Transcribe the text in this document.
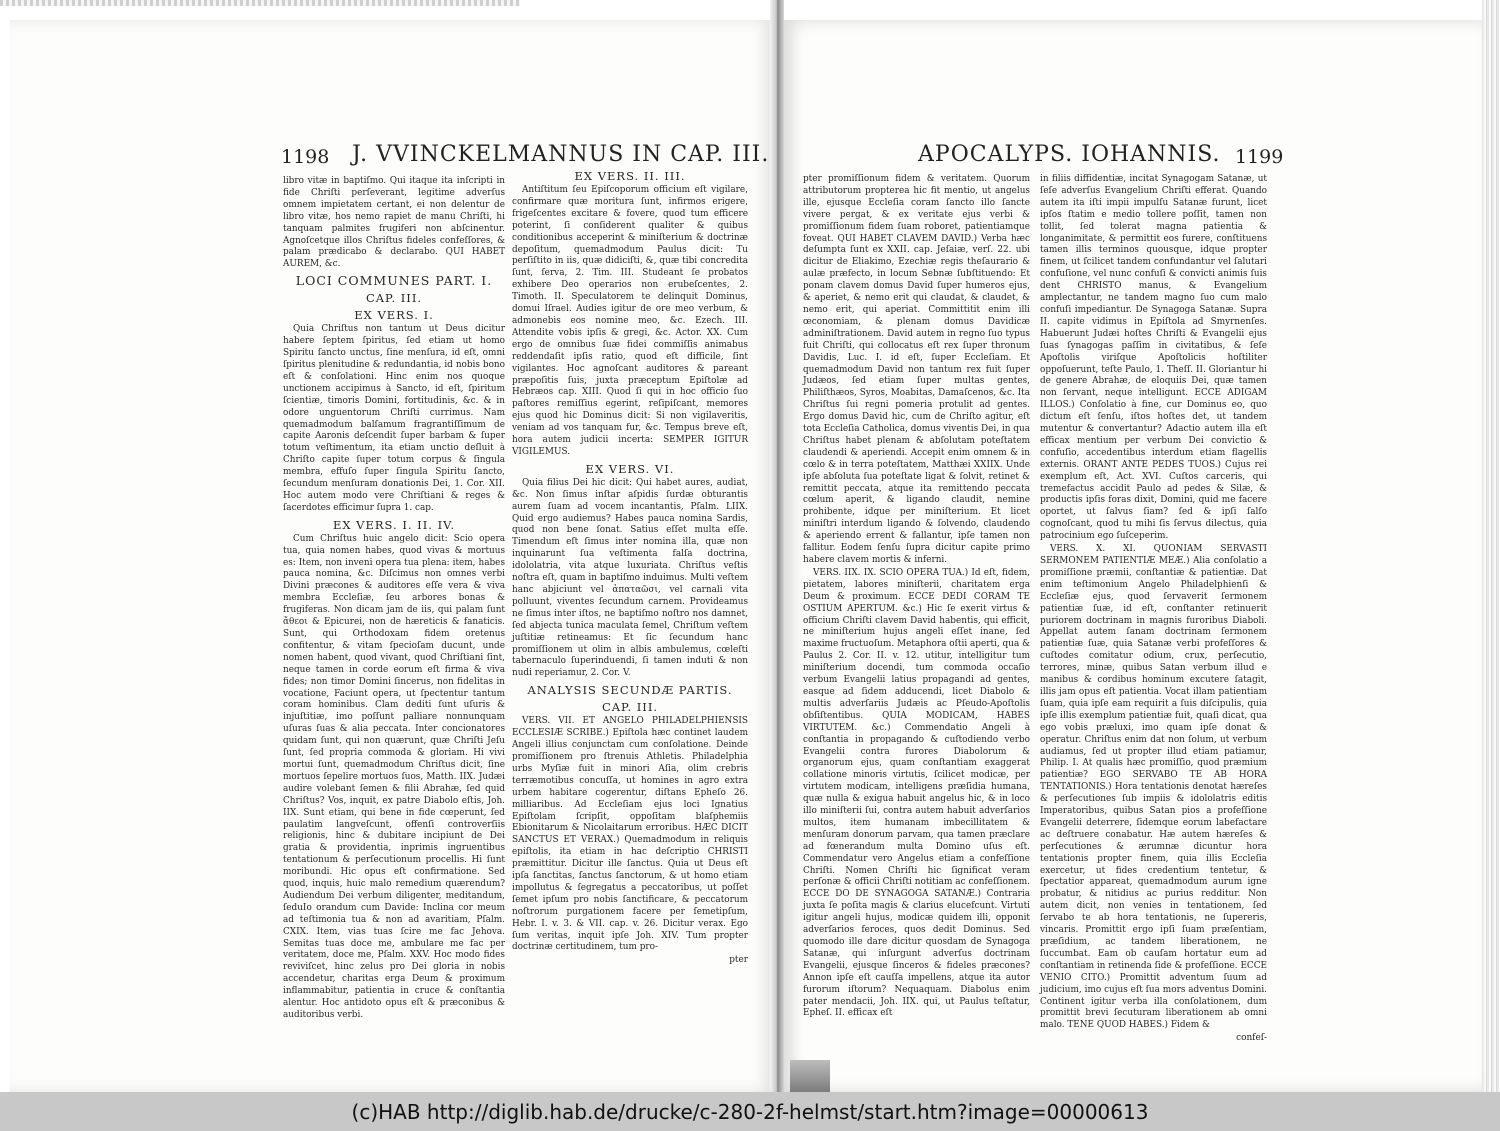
1198 J. VVINCKELMANNUS IN CAP. III.

libro vitæ in baptiſmo. Qui itaque ita inſcripti in fide Chriſti perſeverant, legitime adverſus omnem impietatem certant, ei non delentur de libro vitæ, hos nemo rapiet de manu Chriſti, hi tanquam palmites frugiferi non abſcinentur. Agnoſcetque illos Chriſtus fideles confeſſores, & palam prædicabo & declarabo. QUI HABET AUREM, &c.

LOCI COMMUNES PART. I.
CAP. III.
EX VERS. I.

Quia Chriſtus non tantum ut Deus dicitur habere ſeptem ſpiritus, ſed etiam ut homo Spiritu ſancto unctus, ſine menſura, id eſt, omni ſpiritus plenitudine & redundantia, id nobis bono eſt & conſolationi. Hinc enim nos quoque unctionem accipimus à Sancto, id eſt, ſpiritum ſcientiæ, timoris Domini, fortitudinis, &c. & in odore unguentorum Chriſti currimus. Nam quemadmodum balſamum fragrantiſſimum de capite Aaronis deſcendit ſuper barbam & ſuper totum veſtimentum, ita etiam unctio deſluit à Chriſto capite ſuper totum corpus & ſingula membra, effuſo ſuper ſingula Spiritu ſancto, ſecundum menſuram donationis Dei, 1. Cor. XII. Hoc autem modo vere Chriſtiani & reges & ſacerdotes efficimur ſupra 1. cap.

EX VERS. I. II. IV.

Cum Chriſtus huic angelo dicit: Scio opera tua, quia nomen habes, quod vivas & mortuus es: Item, non inveni opera tua plena: item, habes pauca nomina, &c. Diſcimus non omnes verbi Divini præcones & auditores eſſe vera & viva membra Eccleſiæ, ſeu arbores bonas & frugiferas. Non dicam jam de iis, qui palam ſunt ἄθεοι & Epicurei, non de hæreticis & fanaticis. Sunt, qui Orthodoxam fidem oretenus confitentur, & vitam ſpecioſam ducunt, unde nomen habent, quod vivant, quod Chriſtiani ſint, neque tamen in corde eorum eſt firma & viva fides; non timor Domini ſincerus, non fidelitas in vocatione, Faciunt opera, ut ſpectentur tantum coram hominibus. Clam dediti ſunt uſuris & injuſtitiæ, imo poſſunt palliare nonnunquam uſuras ſuas & alia peccata. Inter concionatores quidam ſunt, qui non quærunt, quæ Chriſti Jeſu ſunt, ſed propria commoda & gloriam. Hi vivi mortui ſunt, quemadmodum Chriſtus dicit, ſine mortuos ſepelire mortuos ſuos, Matth. IIX. Judæi audire volebant ſemen & filii Abrahæ, ſed quid Chriſtus? Vos, inquit, ex patre Diabolo eſtis, Joh. IIX. Sunt etiam, qui bene in fide cœperunt, ſed paulatim langveſcunt, offenſi controverſiis religionis, hinc & dubitare incipiunt de Dei gratia & providentia, inprimis ingruentibus tentationum & perſecutionum procellis. Hi ſunt moribundi. Hic opus eſt confirmatione. Sed quod, inquis, huic malo remedium quærendum? Audiendum Dei verbum diligenter, meditandum, ſeduIo orandum cum Davide: Inclina cor meum ad teſtimonia tua & non ad avaritiam, Pſalm. CXIX. Item, vias tuas ſcire me fac Jehova. Semitas tuas doce me, ambulare me fac per veritatem, doce me, Pſalm. XXV. Hoc modo fides reviviſcet, hinc zelus pro Dei gloria in nobis accendetur, charitas erga Deum & proximum inflammabitur, patientia in cruce & conſtantia alentur. Hoc antidoto opus eſt & præconibus & auditoribus verbi.

EX VERS. II. III.

Antiſtitum ſeu Epiſcoporum officium eſt vigilare, confirmare quæ moritura ſunt, infirmos erigere, frigeſcentes excitare & fovere, quod tum efficere poterint, ſi conſiderent qualiter & quibus conditionibus acceperint & miniſterium & doctrinæ depoſitum, quemadmodum Paulus dicit: Tu perſiſtito in iis, quæ didiciſti, &, quæ tibi concredita ſunt, ſerva, 2. Tim. III. Studeant ſe probatos exhibere Deo operarios non erubeſcentes, 2. Timoth. II. Speculatorem te delinquit Dominus, domui Iſrael. Audies igitur de ore meo verbum, & admonebis eos nomine meo, &c. Ezech. III. Attendite vobis ipſis & gregi, &c. Actor. XX. Cum ergo de omnibus ſuæ fidei commiſſis animabus reddendaſit ipſis ratio, quod eſt difficile, ſint vigilantes. Hoc agnoſcant auditores & pareant præpoſitis ſuis, juxta præceptum Epiſtolæ ad Hebræos cap. XIII. Quod ſi qui in hoc officio ſuo paſtores remiſſius egerint, reſipiſcant, memores ejus quod hic Dominus dicit: Si non vigilaveritis, veniam ad vos tanquam fur, &c. Tempus breve eſt, hora autem judicii incerta: SEMPER IGITUR VIGILEMUS.

EX VERS. VI.

Quia filius Dei hic dicit: Qui habet aures, audiat, &c. Non ſimus inſtar aſpidis ſurdæ obturantis aurem ſuam ad vocem incantantis, Pſalm. LIIX. Quid ergo audiemus? Habes pauca nomina Sardis, quod non bene ſonat. Satius eſſet multa eſſe. Timendum eſt ſimus inter nomina illa, quæ non inquinarunt ſua veſtimenta falſa doctrina, idololatria, vita atque luxuriata. Chriſtus veſtis noſtra eſt, quam in baptiſmo induimus. Multi veſtem hanc abjiciunt vel ἀπαταῶσι, vel carnali vita polluunt, viventes ſecundum carnem. Provideamus ne ſimus inter iſtos, ne baptiſmo noſtro nos damnet, ſed abjecta tunica maculata ſemel, Chriſtum veſtem juſtitiæ retineamus: Et ſic ſecundum hanc promiſſionem ut olim in albis ambulemus, cœleſti tabernaculo ſuperinduendi, ſi tamen induti & non nudi reperiamur, 2. Cor. V.

ANALYSIS SECUNDÆ PARTIS.
CAP. III.

VERS. VII. ET ANGELO PHILADELPHIENSIS ECCLESIÆ SCRIBE.) Epiſtola hæc continet laudem Angeli illius conjunctam cum conſolatione. Deinde promiſſionem pro ſtrenuis Athletis. Philadelphia urbs Myſiæ fuit in minori Aſia, olim crebris terræmotibus concuſſa, ut homines in agro extra urbem habitare cogerentur, diſtans Epheſo 26. milliaribus. Ad Eccleſiam ejus loci Ignatius Epiſtolam ſcripſit, oppoſitam blaſphemiis Ebionitarum & Nicolaitarum erroribus. HÆC DICIT SANCTUS ET VERAX.) Quemadmodum in reliquis epiſtolis, ita etiam in hac deſcriptio CHRISTI præmittitur. Dicitur ille ſanctus. Quia ut Deus eſt ipſa ſanctitas, ſanctus ſanctorum, & ut homo etiam impollutus & ſegregatus a peccatoribus, ut poſſet ſemet ipſum pro nobis ſanctificare, & peccatorum noſtrorum purgationem facere per ſemetipſum, Hebr. I. v. 3. & VII. cap. v. 26. Dicitur verax. Ego ſum veritas, inquit ipſe Joh. XIV. Tum propter doctrinæ certitudinem, tum pro-

pter
APOCALYPS. IOHANNIS. 1199

pter promiſſionum fidem & veritatem. Quorum attributorum propterea hic fit mentio, ut angelus ille, ejusque Eccleſia coram ſancto illo ſancte vivere pergat, & ex veritate ejus verbi & promiſſionum fidem ſuam roboret, patientiamque foveat. QUI HABET CLAVEM DAVID.) Verba hæc deſumpta ſunt ex XXII. cap. Jeſaiæ, verſ. 22. ubi dicitur de Eliakimo, Ezechiæ regis theſaurario & aulæ præfecto, in locum Sebnæ ſubſtituendo: Et ponam clavem domus David ſuper humeros ejus, & aperiet, & nemo erit qui claudat, & claudet, & nemo erit, qui aperiat. Committitit enim illi œconomiam, & plenam domus Davidicæ adminiſtrationem. David autem in regno ſuo typus fuit Chriſti, qui collocatus eſt rex ſuper thronum Davidis, Luc. I. id eſt, ſuper Eccleſiam. Et quemadmodum David non tantum rex fuit ſuper Judæos, ſed etiam ſuper multas gentes, Philiſthæos, Syros, Moabitas, Damaſcenos, &c. Ita Chriſtus ſui regni pomeria protulit ad gentes. Ergo domus David hic, cum de Chriſto agitur, eſt tota Eccleſia Catholica, domus viventis Dei, in qua Chriſtus habet plenam & abſolutam poteſtatem claudendi & aperiendi. Accepit enim omnem & in cœlo & in terra poteſtatem, Matthæi XXIIX. Unde ipſe abſoluta ſua poteſtate ligat & ſolvit, retinet & remittit peccata, atque ita remittendo peccata cœlum aperit, & ligando claudit, nemine prohibente, idque per miniſterium. Et licet miniſtri interdum ligando & ſolvendo, claudendo & aperiendo errent & fallantur, ipſe tamen non fallitur. Eodem ſenſu ſupra dicitur capite primo habere clavem mortis & inferni.

VERS. IIX. IX. SCIO OPERA TUA.) Id eſt, fidem, pietatem, labores miniſterii, charitatem erga Deum & proximum. ECCE DEDI CORAM TE OSTIUM APERTUM. &c.) Hic ſe exerit virtus & officium Chriſti clavem David habentis, qui efficit, ne miniſterium hujus angeli eſſet inane, ſed maxime fructuoſum. Metaphora oſtii aperti, qua & Paulus 2. Cor. II. v. 12. utitur, intelligitur tum miniſterium docendi, tum commoda occaſio verbum Evangelii latius propagandi ad gentes, easque ad ſidem adducendi, licet Diabolo & multis adverſariis Judæis ac Pſeudo-Apoſtolis obſiſtentibus. QUIA MODICAM, HABES VIRTUTEM. &c.) Commendatio Angeli à conſtantia in propagando & cuſtodiendo verbo Evangelii contra furores Diabolorum & organorum ejus, quam conſtantiam exaggerat collatione minoris virtutis, ſcilicet modicæ, per virtutem modicam, intelligens præſidia humana, quæ nulla & exigua habuit angelus hic, & in loco illo miniſterii ſui, contra autem habuit adverſarios multos, item humanam imbecillitatem & menſuram donorum parvam, qua tamen præclare ad fœnerandum multa Domino uſus eſt. Commendatur vero Angelus etiam a confeſſione Chriſti. Nomen Chriſti hic ſignificat veram perſonæ & officii Chriſti notitiam ac confeſſionem. ECCE DO DE SYNAGOGA SATANÆ.) Contraria juxta ſe poſita magis & clarius elucefcunt. Virtuti igitur angeli hujus, modicæ quidem illi, opponit adverſarios feroces, quos dedit Dominus. Sed quomodo ille dare dicitur quosdam de Synagoga Satanæ, qui inſurgunt adverſus doctrinam Evangelii, ejusque ſinceros & fideles præcones? Annon ipſe eſt cauſſa impellens, atque ita autor furorum iſtorum? Nequaquam. Diabolus enim pater mendacii, Joh. IIX. qui, ut Paulus teſtatur, Epheſ. II. efficax eſt

in filiis diffidentiæ, incitat Synagogam Satanæ, ut ſeſe adverſus Evangelium Chriſti efferat. Quando autem ita iſti impii impulſu Satanæ furunt, licet ipſos ſtatim e medio tollere poſſit, tamen non tollit, ſed tolerat magna patientia & longanimitate, & permittit eos furere, conſtituens tamen illis terminos quousque, idque propter finem, ut ſcilicet tandem confundantur vel ſalutari confuſione, vel nunc confuſi & convicti animis ſuis dent CHRISTO manus, & Evangelium amplectantur, ne tandem magno ſuo cum malo confuſi impediantur. De Synagoga Satanæ. Supra II. capite vidimus in Epiſtola ad Smyrnenſes. Habuerunt Judæi hoſtes Chriſti & Evangelii ejus ſuas ſynagogas paſſim in civitatibus, & ſeſe Apoſtolis viriſque Apoſtolicis hoſtiliter oppoſuerunt, teſte Paulo, 1. Theſſ. II. Gloriantur hi de genere Abrahæ, de eloquiis Dei, quæ tamen non ſervant, neque intelligunt. ECCE ADIGAM ILLOS.) Conſolatio à fine, cur Dominus eo, quo dictum eſt ſenſu, iſtos hoſtes det, ut tandem mutentur & convertantur? Adactio autem illa eſt efficax mentium per verbum Dei convictio & confuſio, accedentibus interdum etiam flagellis externis. ORANT ANTE PEDES TUOS.) Cujus rei exemplum eſt, Act. XVI. Cuſtos carceris, qui tremefactus accidit Paulo ad pedes & Silæ, & productis ipſis foras dixit, Domini, quid me facere oportet, ut ſalvus ſiam? ſed & ipſi ſalſo cognoſcant, quod tu mihi ſis ſervus dilectus, quia patrocinium ego ſuſceperim.

VERS. X. XI. QUONIAM SERVASTI SERMONEM PATIENTIÆ MEÆ.) Alia conſolatio a promiſſione præmii, conſtantiæ & patientiæ. Dat enim teſtimonium Angelo Philadelphienſi & Eccleſiæ ejus, quod ſervaverit ſermonem patientiæ ſuæ, id eſt, conſtanter retinuerit puriorem doctrinam in magnis furoribus Diaboli. Appellat autem ſanam doctrinam ſermonem patientiæ ſuæ, quia Satanæ verbi profeſſores & cuſtodes comitatur odium, crux, perſecutio, terrores, minæ, quibus Satan verbum illud e manibus & cordibus hominum excutere ſatagit, illis jam opus eſt patientia. Vocat illam patientiam ſuam, quia ipſe eam requirit a ſuis diſcipulis, quia ipſe illis exemplum patientiæ fuit, quaſi dicat, qua ego vobis præluxi, imo quam ipſe donat & operatur. Chriſtus enim dat non ſolum, ut verbum audiamus, ſed ut propter illud etiam patiamur, Philip. I. At qualis hæc promiſſio, quod præmium patientiæ? EGO SERVABO TE AB HORA TENTATIONIS.) Hora tentationis denotat hæreſes & perſecutiones ſub impiis & idololatris editis Imperatoribus, quibus Satan pios a profeſſione Evangelii deterrere, ſidemque eorum labefactare ac deſtruere conabatur. Hæ autem hæreſes & perſecutiones & ærumnæ dicuntur hora tentationis propter finem, quia illis Eccleſia exercetur, ut fides credentium tentetur, & ſpectatior appareat, quemadmodum aurum igne probatur, & nitidius ac purius redditur. Non autem dicit, non venies in tentationem, ſed ſervabo te ab hora tentationis, ne ſupereris, vincaris. Promittit ergo ipſi ſuam præſentiam, præſidium, ac tandem liberationem, ne ſuccumbat. Eam ob cauſam hortatur eum ad conſtantiam in retinenda ſide & profeſſione. ECCE VENIO CITO.) Promittit adventum ſuum ad judicium, imo cujus eſt ſua mors adventus Domini. Continent igitur verba illa conſolationem, dum promittit brevi ſecuturam liberationem ab omni malo. TENE QUOD HABES.) Fidem &

confeſ-
(c)HAB http://diglib.hab.de/drucke/c-280-2f-helmst/start.htm?image=00000613
